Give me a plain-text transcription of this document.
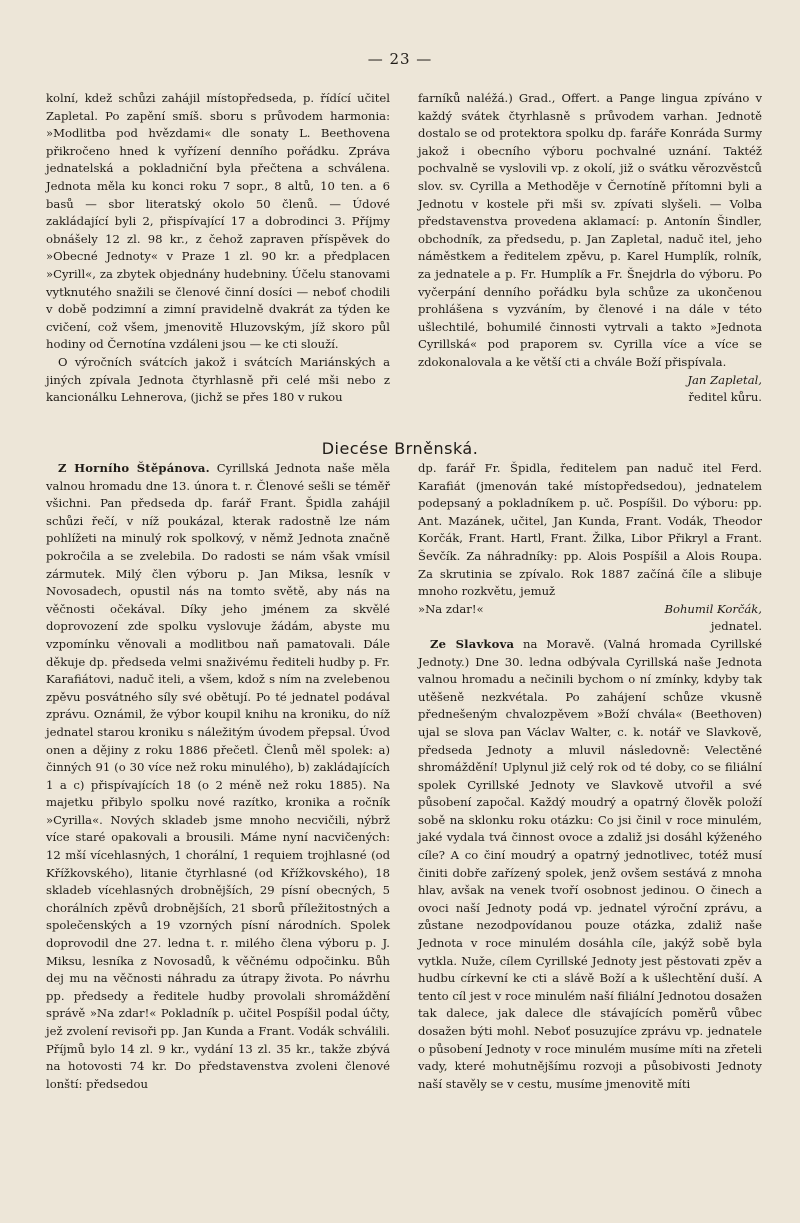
— 23 —

kolní, kdež schůzi zahájil místopředseda, p. řídící učitel Zapletal. Po zapění smíš. sboru s průvodem harmonia: »Modlitba pod hvězdami« dle sonaty L. Beethovena přikročeno hned k vyřízení denního pořádku. Zpráva jednatelská a pokladniční byla přečtena a schválena. Jednota měla ku konci roku 7 sopr., 8 altů, 10 ten. a 6 basů — sbor literatský okolo 50 členů. — Údové zakládající byli 2, přispívající 17 a dobrodinci 3. Příjmy obnášely 12 zl. 98 kr., z čehož zapraven příspěvek do »Obecné Jednoty« v Praze 1 zl. 90 kr. a předplacen »Cyrill«, za zbytek objednány hudebniny. Účelu stanovami vytknutého snažili se členové činní dosíci — neboť chodili v době podzimní a zimní pravidelně dvakrát za týden ke cvičení, což všem, jmenovitě Hluzovským, jíž skoro půl hodiny od Černotína vzdáleni jsou — ke cti slouží.

O výročních svátcích jakož i svátcích Mariánských a jiných zpívala Jednota čtyrhlasně při celé mši nebo z kancionálku Lehnerova, (jichž se přes 180 v rukou

farníků naléžá.) Grad., Offert. a Pange lingua zpíváno v každý svátek čtyrhlasně s průvodem varhan. Jednotě dostalo se od protektora spolku dp. faráře Konráda Surmy jakož i obecního výboru pochvalné uznání. Taktéž pochvalně se vyslovili vp. z okolí, již o svátku věrozvěstců slov. sv. Cyrilla a Methoděje v Černotíně přítomni byli a Jednotu v kostele při mši sv. zpívati slyšeli. — Volba představenstva provedena aklamací: p. Antonín Šindler, obchodník, za předsedu, p. Jan Zapletal, naduč itel, jeho náměstkem a ředitelem zpěvu, p. Karel Humplík, rolník, za jednatele a p. Fr. Humplík a Fr. Šnejdrla do výboru. Po vyčerpání denního pořádku byla schůze za ukončenou prohlášena s vyzváním, by členové i na dále v této ušlechtilé, bohumilé činnosti vytrvali a takto »Jednota Cyrillská« pod praporem sv. Cyrilla více a více se zdokonalovala a ke větší cti a chvále Boží přispívala.

Jan Zapletal,
ředitel kůru.
Diecése Brněnská.

Z Horního Štěpánova. Cyrillská Jednota naše měla valnou hromadu dne 13. února t. r. Členové sešli se téměř všichni. Pan předseda dp. farář Frant. Špidla zahájil schůzi řečí, v níž poukázal, kterak radostně lze nám pohlížeti na minulý rok spolkový, v němž Jednota značně pokročila a se zvelebila. Do radosti se nám však vmísil zármutek. Milý člen výboru p. Jan Miksa, lesník v Novosadech, opustil nás na tomto světě, aby nás na věčnosti očekával. Díky jeho jménem za skvělé doprovození zde spolku vyslovuje žádám, abyste mu vzpomínku věnovali a modlitbou naň pamatovali. Dále děkuje dp. předseda velmi snaživému řediteli hudby p. Fr. Karafiátovi, naduč iteli, a všem, kdož s ním na zvelebenou zpěvu posvátného síly své obětují. Po té jednatel podával zprávu. Oznámil, že výbor koupil knihu na kroniku, do níž jednatel starou kroniku s náležitým úvodem přepsal. Úvod onen a dějiny z roku 1886 přečetl. Členů měl spolek: a) činných 91 (o 30 více než roku minulého), b) zakládajících 1 a c) přispívajících 18 (o 2 méně než roku 1885). Na majetku přibylo spolku nové razítko, kronika a ročník »Cyrilla«. Nových skladeb jsme mnoho necvičili, nýbrž více staré opakovali a brousili. Máme nyní nacvičených: 12 mší vícehlasných, 1 chorální, 1 requiem trojhlasné (od Křížkovského), litanie čtyrhlasné (od Křížkovského), 18 skladeb vícehlasných drobnějších, 29 písní obecných, 5 chorálních zpěvů drobnějších, 21 sborů příležitostných a společenských a 19 vzorných písní národních. Spolek doprovodil dne 27. ledna t. r. milého člena výboru p. J. Miksu, lesníka z Novosadů, k věčnému odpočinku. Bůh dej mu na věčnosti náhradu za útrapy života. Po návrhu pp. předsedy a ředitele hudby provolali shromáždění správě »Na zdar!« Pokladník p. učitel Pospíšil podal účty, jež zvolení revisoři pp. Jan Kunda a Frant. Vodák schválili. Příjmů bylo 14 zl. 9 kr., vydání 13 zl. 35 kr., takže zbývá na hotovosti 74 kr. Do představenstva zvoleni členové lonští: předsedou

dp. farář Fr. Špidla, ředitelem pan naduč itel Ferd. Karafiát (jmenován také místopředsedou), jednatelem podepsaný a pokladníkem p. uč. Pospíšil. Do výboru: pp. Ant. Mazánek, učitel, Jan Kunda, Frant. Vodák, Theodor Korčák, Frant. Hartl, Frant. Žilka, Libor Přikryl a Frant. Ševčík. Za náhradníky: pp. Alois Pospíšil a Alois Roupa. Za skrutinia se zpívalo. Rok 1887 začíná číle a slibuje mnoho rozkvětu, jemuž

»Na zdar!«	Bohumil Korčák,
jednatel.

Ze Slavkova na Moravě. (Valná hromada Cyrillské Jednoty.) Dne 30. ledna odbývala Cyrillská naše Jednota valnou hromadu a nečinili bychom o ní zmínky, kdyby tak utěšeně nezkvétala. Po zahájení schůze vkusně přednešeným chvalozpěvem »Boží chvála« (Beethoven) ujal se slova pan Václav Walter, c. k. notář ve Slavkově, předseda Jednoty a mluvil následovně: Velectěné shromáždění! Uplynul již celý rok od té doby, co se filiální spolek Cyrillské Jednoty ve Slavkově utvořil a své působení započal. Každý moudrý a opatrný člověk položí sobě na sklonku roku otázku: Co jsi činil v roce minulém, jaké vydala tvá činnost ovoce a zdaliž jsi dosáhl kýženého cíle? A co činí moudrý a opatrný jednotlivec, totéž musí činiti dobře zařízený spolek, jenž ovšem sestává z mnoha hlav, avšak na venek tvoří osobnost jedinou. O činech a ovoci naší Jednoty podá vp. jednatel výroční zprávu, a zůstane nezodpovídanou pouze otázka, zdaliž naše Jednota v roce minulém dosáhla cíle, jakýž sobě byla vytkla. Nuže, cílem Cyrillské Jednoty jest pěstovati zpěv a hudbu církevní ke cti a slávě Boží a k ušlechtění duší. A tento cíl jest v roce minulém naší filiální Jednotou dosažen tak dalece, jak dalece dle stávajících poměrů vůbec dosažen býti mohl. Neboť posuzujíce zprávu vp. jednatele o působení Jednoty v roce minulém musíme míti na zřeteli vady, které mohutnějšímu rozvoji a působivosti Jednoty naší stavěly se v cestu, musíme jmenovitě míti
